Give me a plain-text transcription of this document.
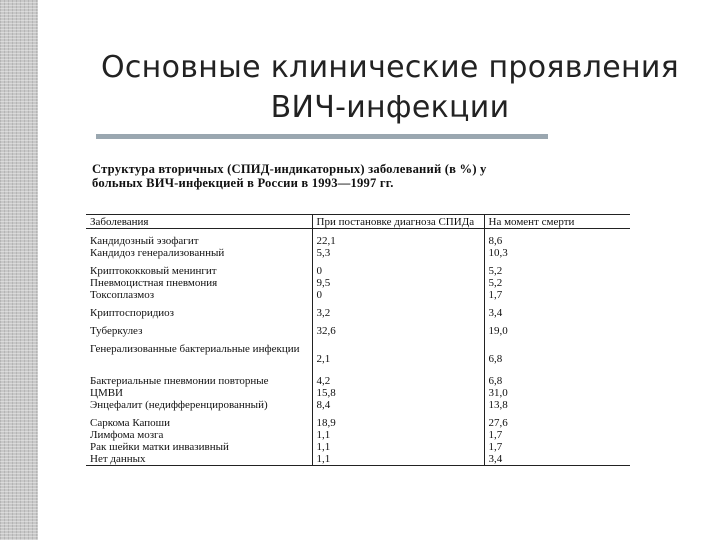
Основные клинические проявления
ВИЧ-инфекции
Структура вторичных (СПИД-индикаторных) заболеваний (в %) у
больных ВИЧ-инфекцией в России в 1993—1997 гг.
Заболевания	При постановке диагноза СПИДа	На момент смерти
Кандидозный эзофагит	22,1	8,6
Кандидоз генерализованный	5,3	10,3
Криптококковый менингит	0	5,2
Пневмоцистная пневмония	9,5	5,2
Токсоплазмоз	0	1,7
Криптоспоридиоз	3,2	3,4
Туберкулез	32,6	19,0
Генерализованные бактериальные инфекции	2,1	6,8
Бактериальные пневмонии повторные	4,2	6,8
ЦМВИ	15,8	31,0
Энцефалит (недифференцированный)	8,4	13,8
Саркома Капоши	18,9	27,6
Лимфома мозга	1,1	1,7
Рак шейки матки инвазивный	1,1	1,7
Нет данных	1,1	3,4
